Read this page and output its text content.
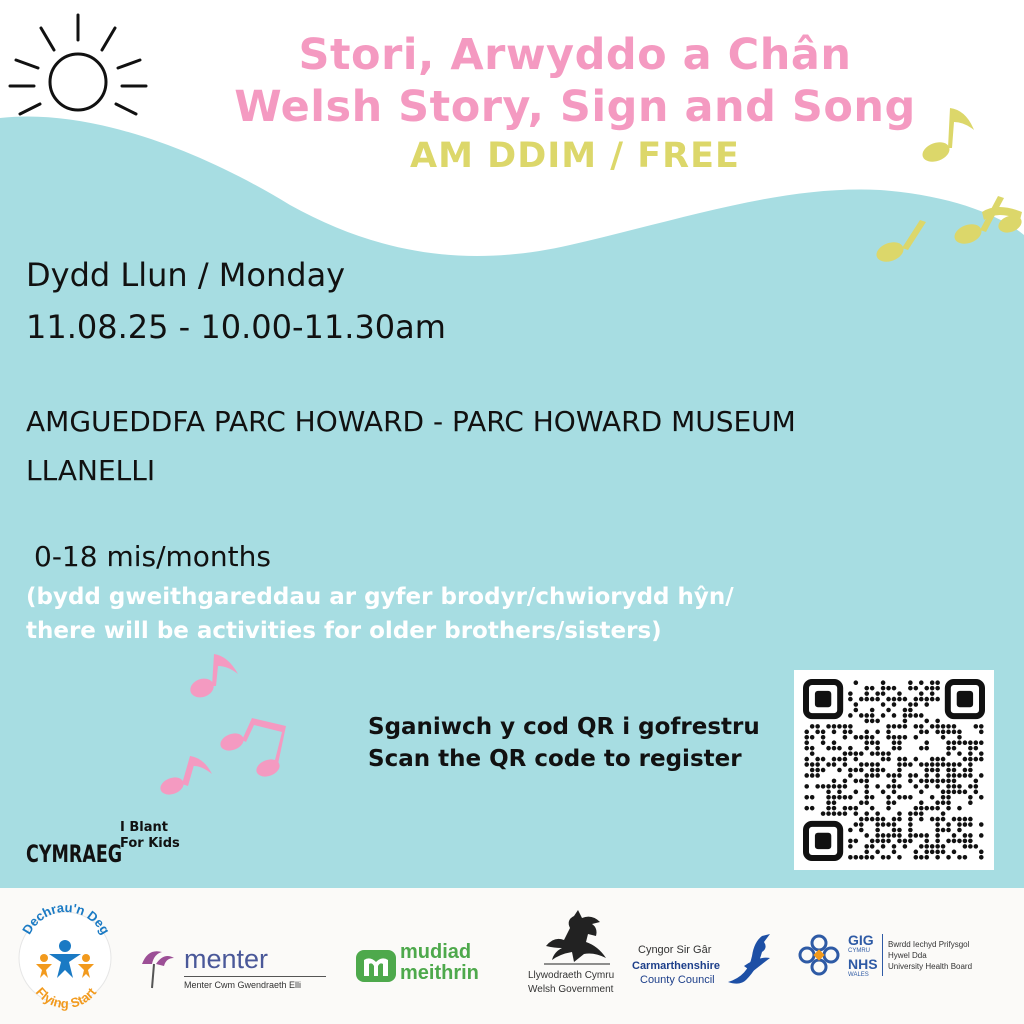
Stori, Arwyddo a Chân
Welsh Story, Sign and Song
AM DDIM / FREE
Dydd Llun / Monday
11.08.25 - 10.00-11.30am
AMGUEDDFA PARC HOWARD - PARC HOWARD MUSEUM
LLANELLI
0-18 mis/months
(bydd gweithgareddau ar gyfer brodyr/chwiorydd hŷn/
there will be activities for older brothers/sisters)
Sganiwch y cod QR i gofrestru
Scan the QR code to register
CYMRAEG
I Blant
For Kids
Dechrau'n Deg
Flying Start
menter
Menter Cwm Gwendraeth Elli
mudiad
meithrin	Llywodraeth Cymru
Welsh Government
Cyngor Sir Gâr
Carmarthenshire
County Council
GIG
CYMRU
NHS
WALES
Bwrdd Iechyd Prifysgol
Hywel Dda
University Health Board
